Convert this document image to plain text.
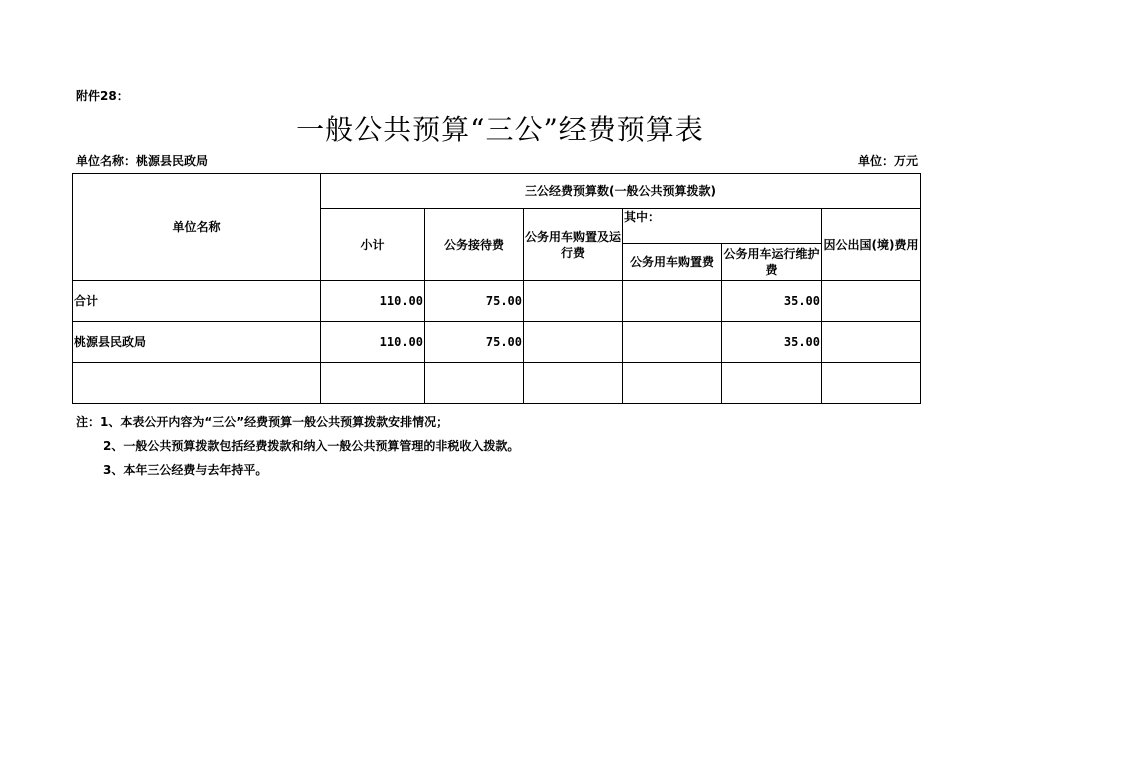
附件28：
一般公共预算“三公”经费预算表
单位名称：桃源县民政局	单位：万元
单位名称	三公经费预算数(一般公共预算拨款)					
	小计	公务接待费	公务用车购置及运行费	其中：		因公出国(境)费用
				公务用车购置费	公务用车运行维护费	
合计	110.00	75.00			35.00	
桃源县民政局	110.00	75.00			35.00	

注：1、本表公开内容为“三公”经费预算一般公共预算拨款安排情况；
2、一般公共预算拨款包括经费拨款和纳入一般公共预算管理的非税收入拨款。
3、本年三公经费与去年持平。
